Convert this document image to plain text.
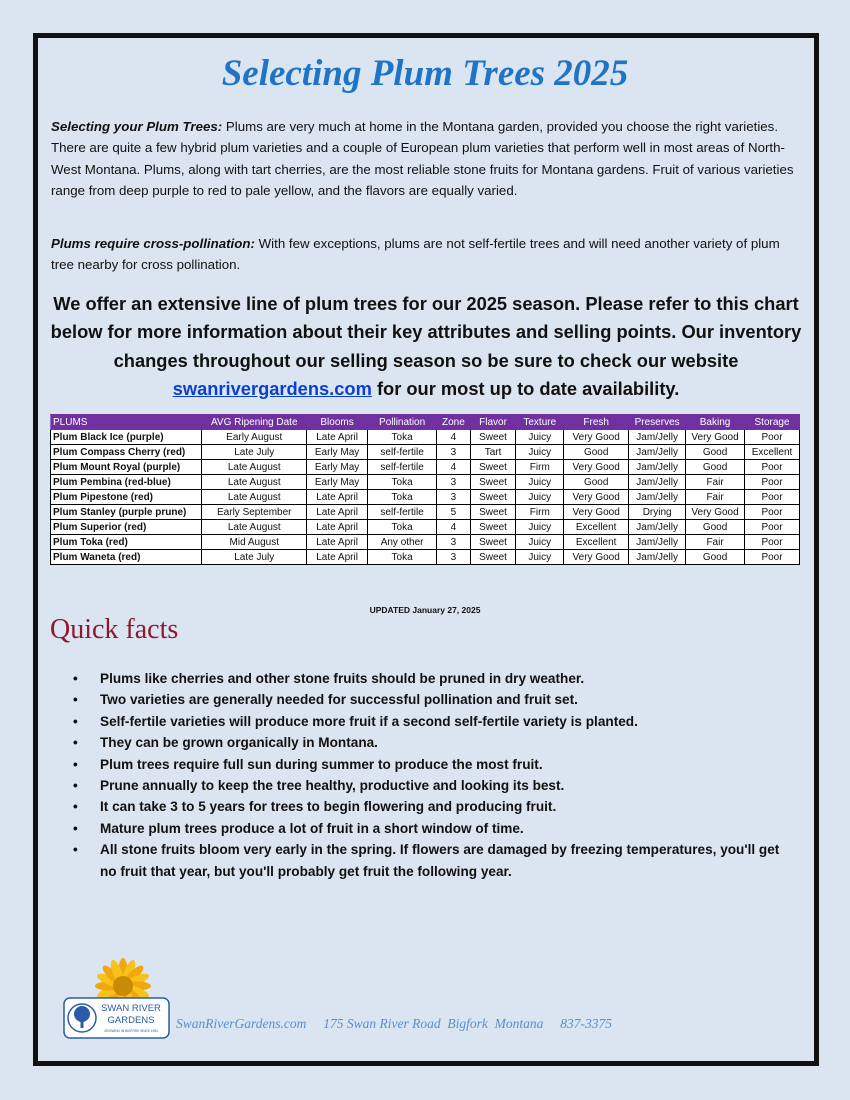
Selecting Plum Trees 2025

Selecting your Plum Trees: Plums are very much at home in the Montana garden, provided you choose the right varieties. There are quite a few hybrid plum varieties and a couple of European plum varieties that perform well in most areas of North-West Montana. Plums, along with tart cherries, are the most reliable stone fruits for Montana gardens. Fruit of various varieties range from deep purple to red to pale yellow, and the flavors are equally varied.

Plums require cross-pollination: With few exceptions, plums are not self-fertile trees and will need another variety of plum tree nearby for cross pollination.

We offer an extensive line of plum trees for our 2025 season. Please refer to this chart below for more information about their key attributes and selling points. Our inventory changes throughout our selling season so be sure to check our website swanrivergardens.com for our most up to date availability.

PLUMS	AVG Ripening Date	Blooms	Pollination	Zone	Flavor	Texture	Fresh	Preserves	Baking	Storage
Plum Black Ice (purple)	Early August	Late April	Toka	4	Sweet	Juicy	Very Good	Jam/Jelly	Very Good	Poor
Plum Compass Cherry (red)	Late July	Early May	self-fertile	3	Tart	Juicy	Good	Jam/Jelly	Good	Excellent
Plum Mount Royal (purple)	Late August	Early May	self-fertile	4	Sweet	Firm	Very Good	Jam/Jelly	Good	Poor
Plum Pembina (red-blue)	Late August	Early May	Toka	3	Sweet	Juicy	Good	Jam/Jelly	Fair	Poor
Plum Pipestone (red)	Late August	Late April	Toka	3	Sweet	Juicy	Very Good	Jam/Jelly	Fair	Poor
Plum Stanley (purple prune)	Early September	Late April	self-fertile	5	Sweet	Firm	Very Good	Drying	Very Good	Poor
Plum Superior (red)	Late August	Late April	Toka	4	Sweet	Juicy	Excellent	Jam/Jelly	Good	Poor
Plum Toka (red)	Mid August	Late April	Any other	3	Sweet	Juicy	Excellent	Jam/Jelly	Fair	Poor
Plum Waneta (red)	Late July	Late April	Toka	3	Sweet	Juicy	Very Good	Jam/Jelly	Good	Poor

UPDATED January 27, 2025

Quick facts
• Plums like cherries and other stone fruits should be pruned in dry weather.
• Two varieties are generally needed for successful pollination and fruit set.
• Self-fertile varieties will produce more fruit if a second self-fertile variety is planted.
• They can be grown organically in Montana.
• Plum trees require full sun during summer to produce the most fruit.
• Prune annually to keep the tree healthy, productive and looking its best.
• It can take 3 to 5 years for trees to begin flowering and producing fruit.
• Mature plum trees produce a lot of fruit in a short window of time.
• All stone fruits bloom very early in the spring. If flowers are damaged by freezing temperatures, you'll get no fruit that year, but you'll probably get fruit the following year.
SWAN RIVER
GARDENS
GROWING IN BIGFORK SINCE 1994 SwanRiverGardens.com 175 Swan River Road  Bigfork  Montana 837-3375
